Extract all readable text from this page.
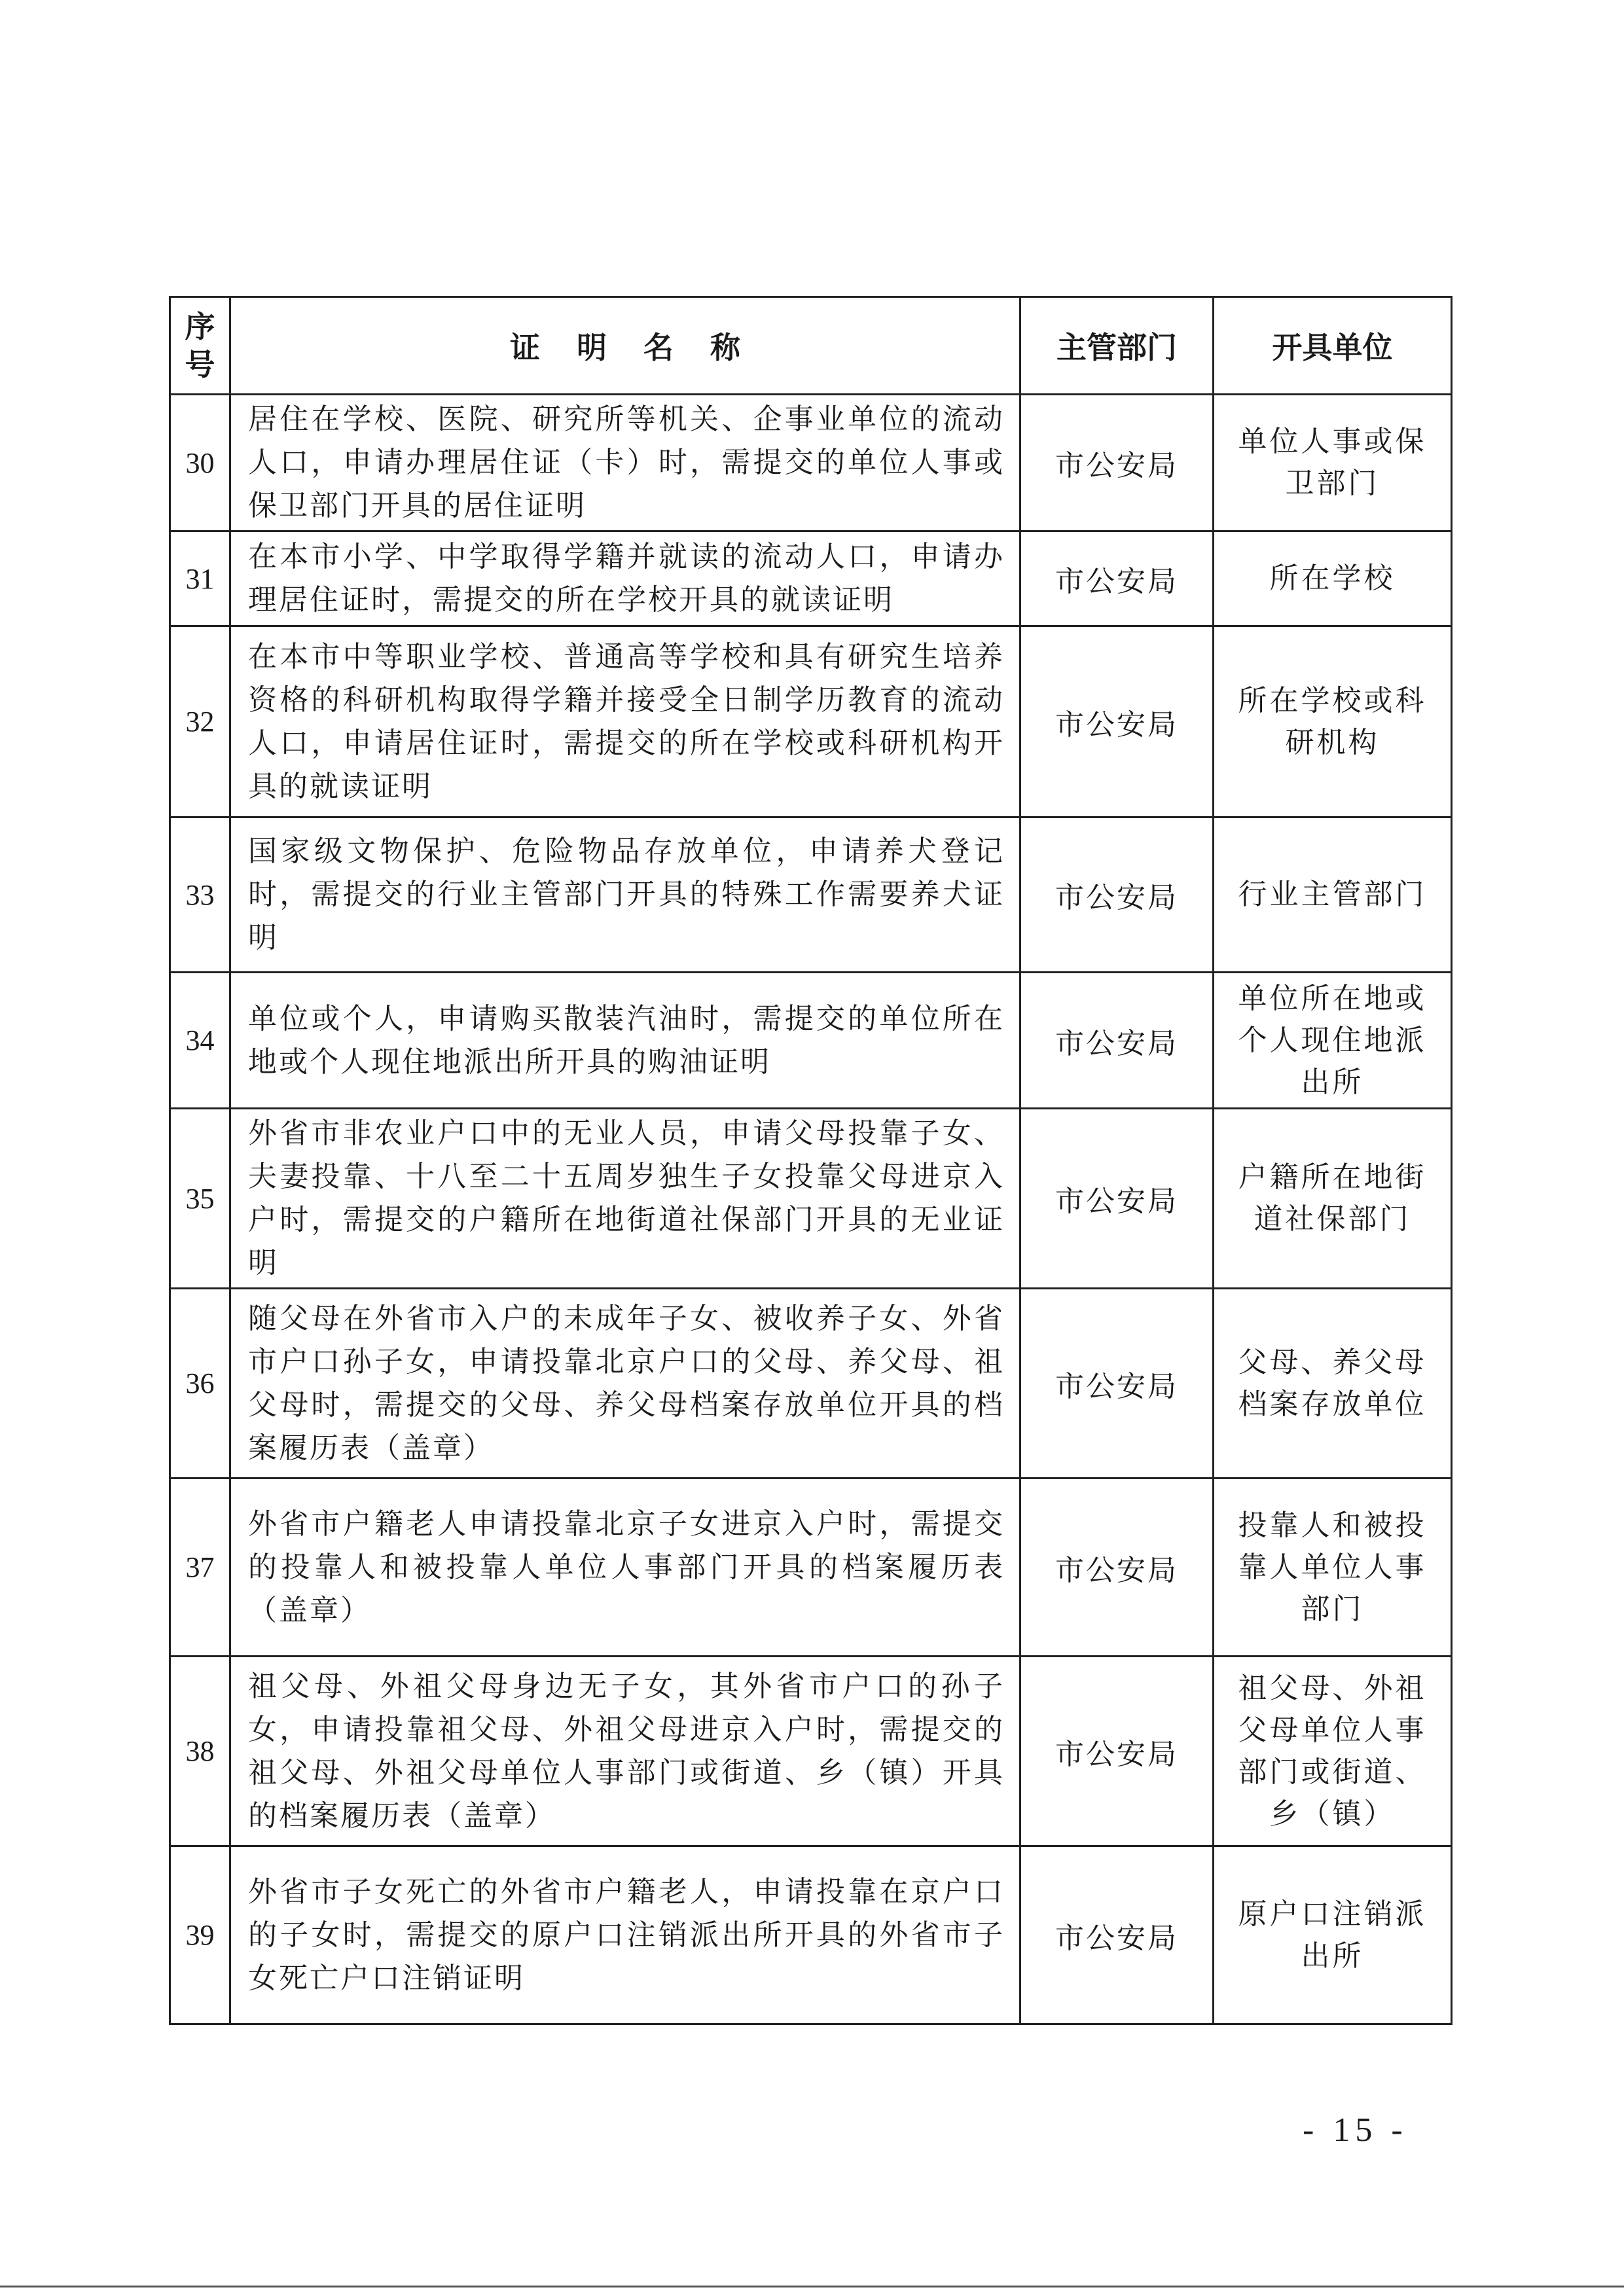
序
号	证明名称	主管部门	开具单位
30	居住在学校、医院、研究所等机关、企事业单位的流动人口，申请办理居住证（卡）时，需提交的单位人事或保卫部门开具的居住证明	市公安局	单位人事或保卫部门
31	在本市小学、中学取得学籍并就读的流动人口，申请办理居住证时，需提交的所在学校开具的就读证明	市公安局	所在学校
32	在本市中等职业学校、普通高等学校和具有研究生培养资格的科研机构取得学籍并接受全日制学历教育的流动人口，申请居住证时，需提交的所在学校或科研机构开具的就读证明	市公安局	所在学校或科研机构
33	国家级文物保护、危险物品存放单位，申请养犬登记时，需提交的行业主管部门开具的特殊工作需要养犬证明	市公安局	行业主管部门
34	单位或个人，申请购买散装汽油时，需提交的单位所在地或个人现住地派出所开具的购油证明	市公安局	单位所在地或个人现住地派出所
35	外省市非农业户口中的无业人员，申请父母投靠子女、夫妻投靠、十八至二十五周岁独生子女投靠父母进京入户时，需提交的户籍所在地街道社保部门开具的无业证明	市公安局	户籍所在地街道社保部门
36	随父母在外省市入户的未成年子女、被收养子女、外省市户口孙子女，申请投靠北京户口的父母、养父母、祖父母时，需提交的父母、养父母档案存放单位开具的档案履历表（盖章）	市公安局	父母、养父母档案存放单位
37	外省市户籍老人申请投靠北京子女进京入户时，需提交的投靠人和被投靠人单位人事部门开具的档案履历表（盖章）	市公安局	投靠人和被投靠人单位人事部门
38	祖父母、外祖父母身边无子女，其外省市户口的孙子女，申请投靠祖父母、外祖父母进京入户时，需提交的祖父母、外祖父母单位人事部门或街道、乡（镇）开具的档案履历表（盖章）	市公安局	祖父母、外祖父母单位人事部门或街道、乡（镇）
39	外省市子女死亡的外省市户籍老人，申请投靠在京户口的子女时，需提交的原户口注销派出所开具的外省市子女死亡户口注销证明	市公安局	原户口注销派出所
- 15 -
